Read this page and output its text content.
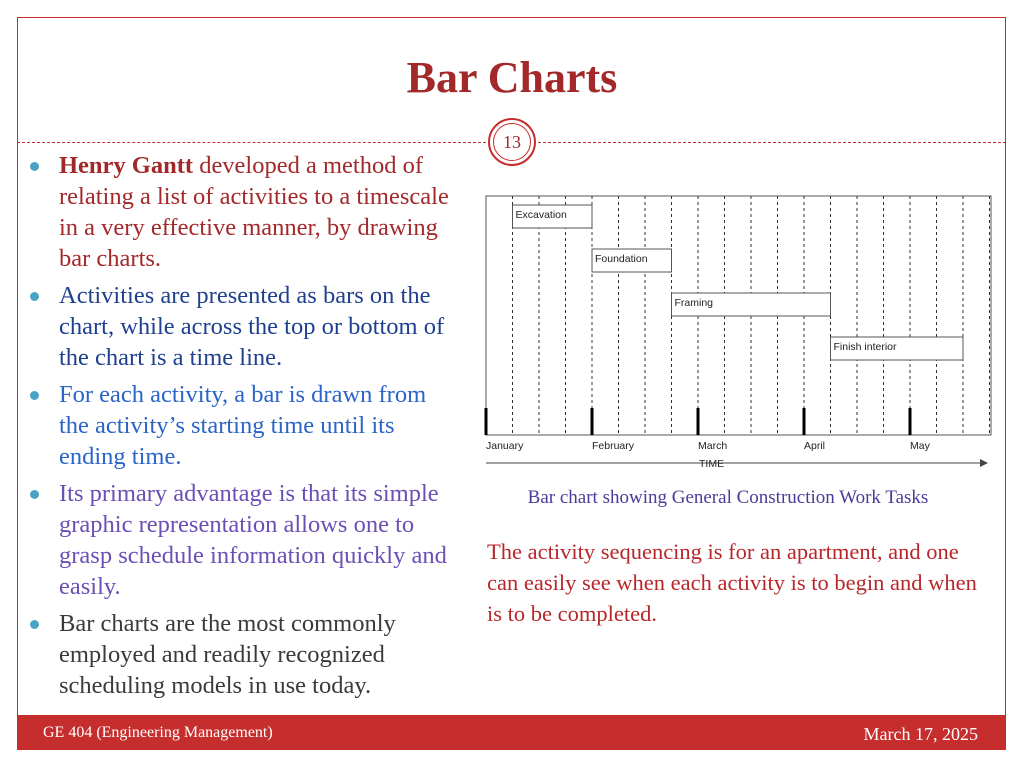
Bar Charts
13
Henry Gantt developed a method of relating a list of activities to a timescale in a very effective manner, by drawing bar charts.
Activities are presented as bars on the chart, while across the top or bottom of the chart is a time line.
For each activity, a bar is drawn from the activity’s starting time until its ending time.
Its primary advantage is that its simple graphic representation allows one to grasp schedule information quickly and easily.
Bar charts are the most commonly employed and readily recognized scheduling models in use today.
January	February	March	April	May
Excavation
Foundation
Framing
Finish interior
TIME
Bar chart showing General Construction Work Tasks
The activity sequencing is for an apartment, and one can easily see when each activity is to begin and when is to be completed.
GE 404 (Engineering Management)	March 17, 2025
